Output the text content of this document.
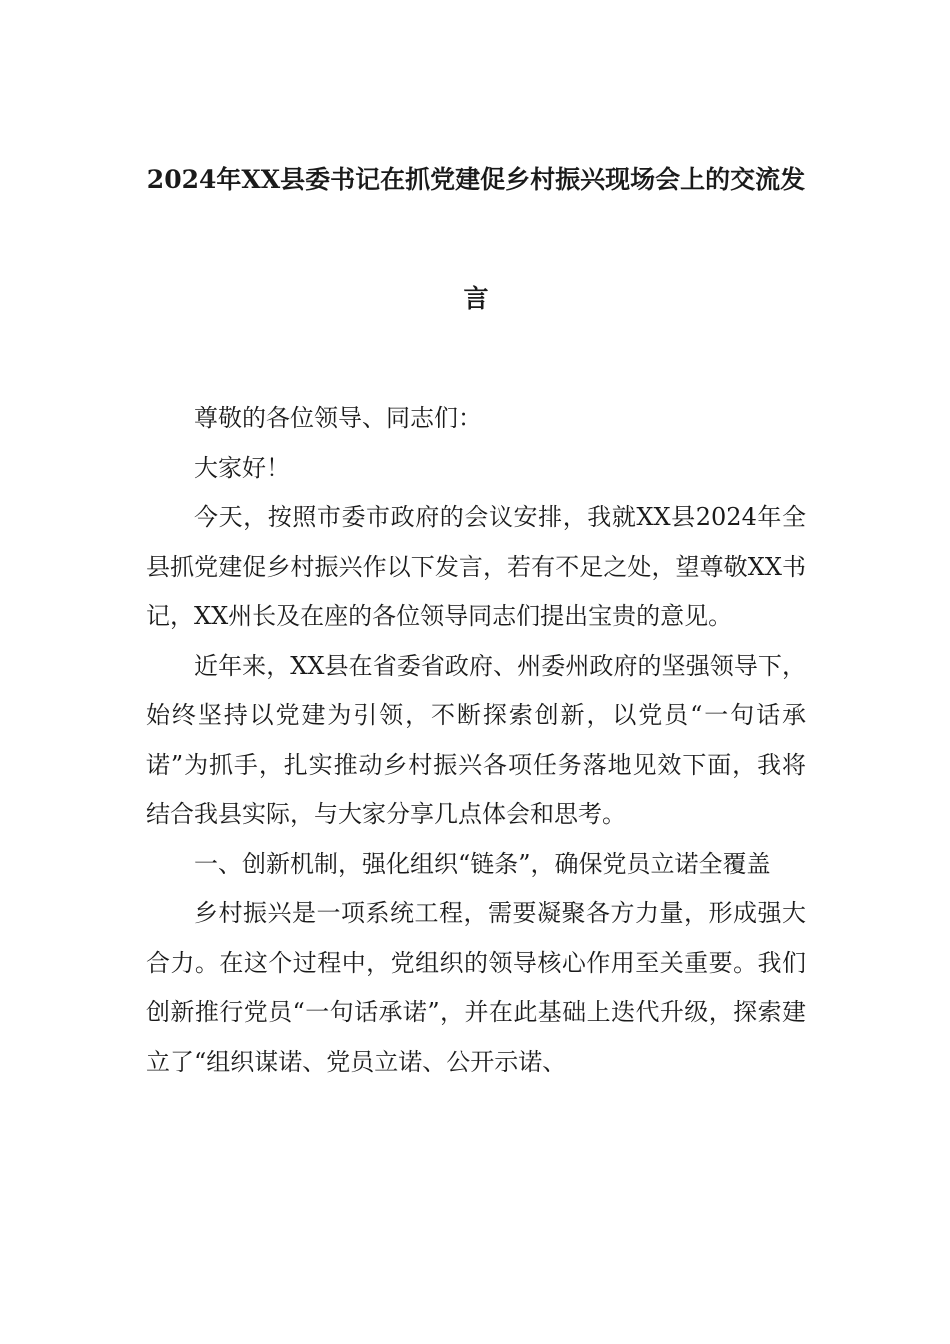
2024年XX县委书记在抓党建促乡村振兴现场会上的交流发
言

尊敬的各位领导、同志们：

大家好！

今天，按照市委市政府的会议安排，我就XX县2024年全县抓党建促乡村振兴作以下发言，若有不足之处，望尊敬XX书记，XX州长及在座的各位领导同志们提出宝贵的意见。

近年来，XX县在省委省政府、州委州政府的坚强领导下，始终坚持以党建为引领，不断探索创新，以党员“一句话承诺”为抓手，扎实推动乡村振兴各项任务落地见效下面，我将结合我县实际，与大家分享几点体会和思考。

一、创新机制，强化组织“链条”，确保党员立诺全覆盖

乡村振兴是一项系统工程，需要凝聚各方力量，形成强大合力。在这个过程中，党组织的领导核心作用至关重要。我们创新推行党员“一句话承诺”，并在此基础上迭代升级，探索建立了“组织谋诺、党员立诺、公开示诺、
